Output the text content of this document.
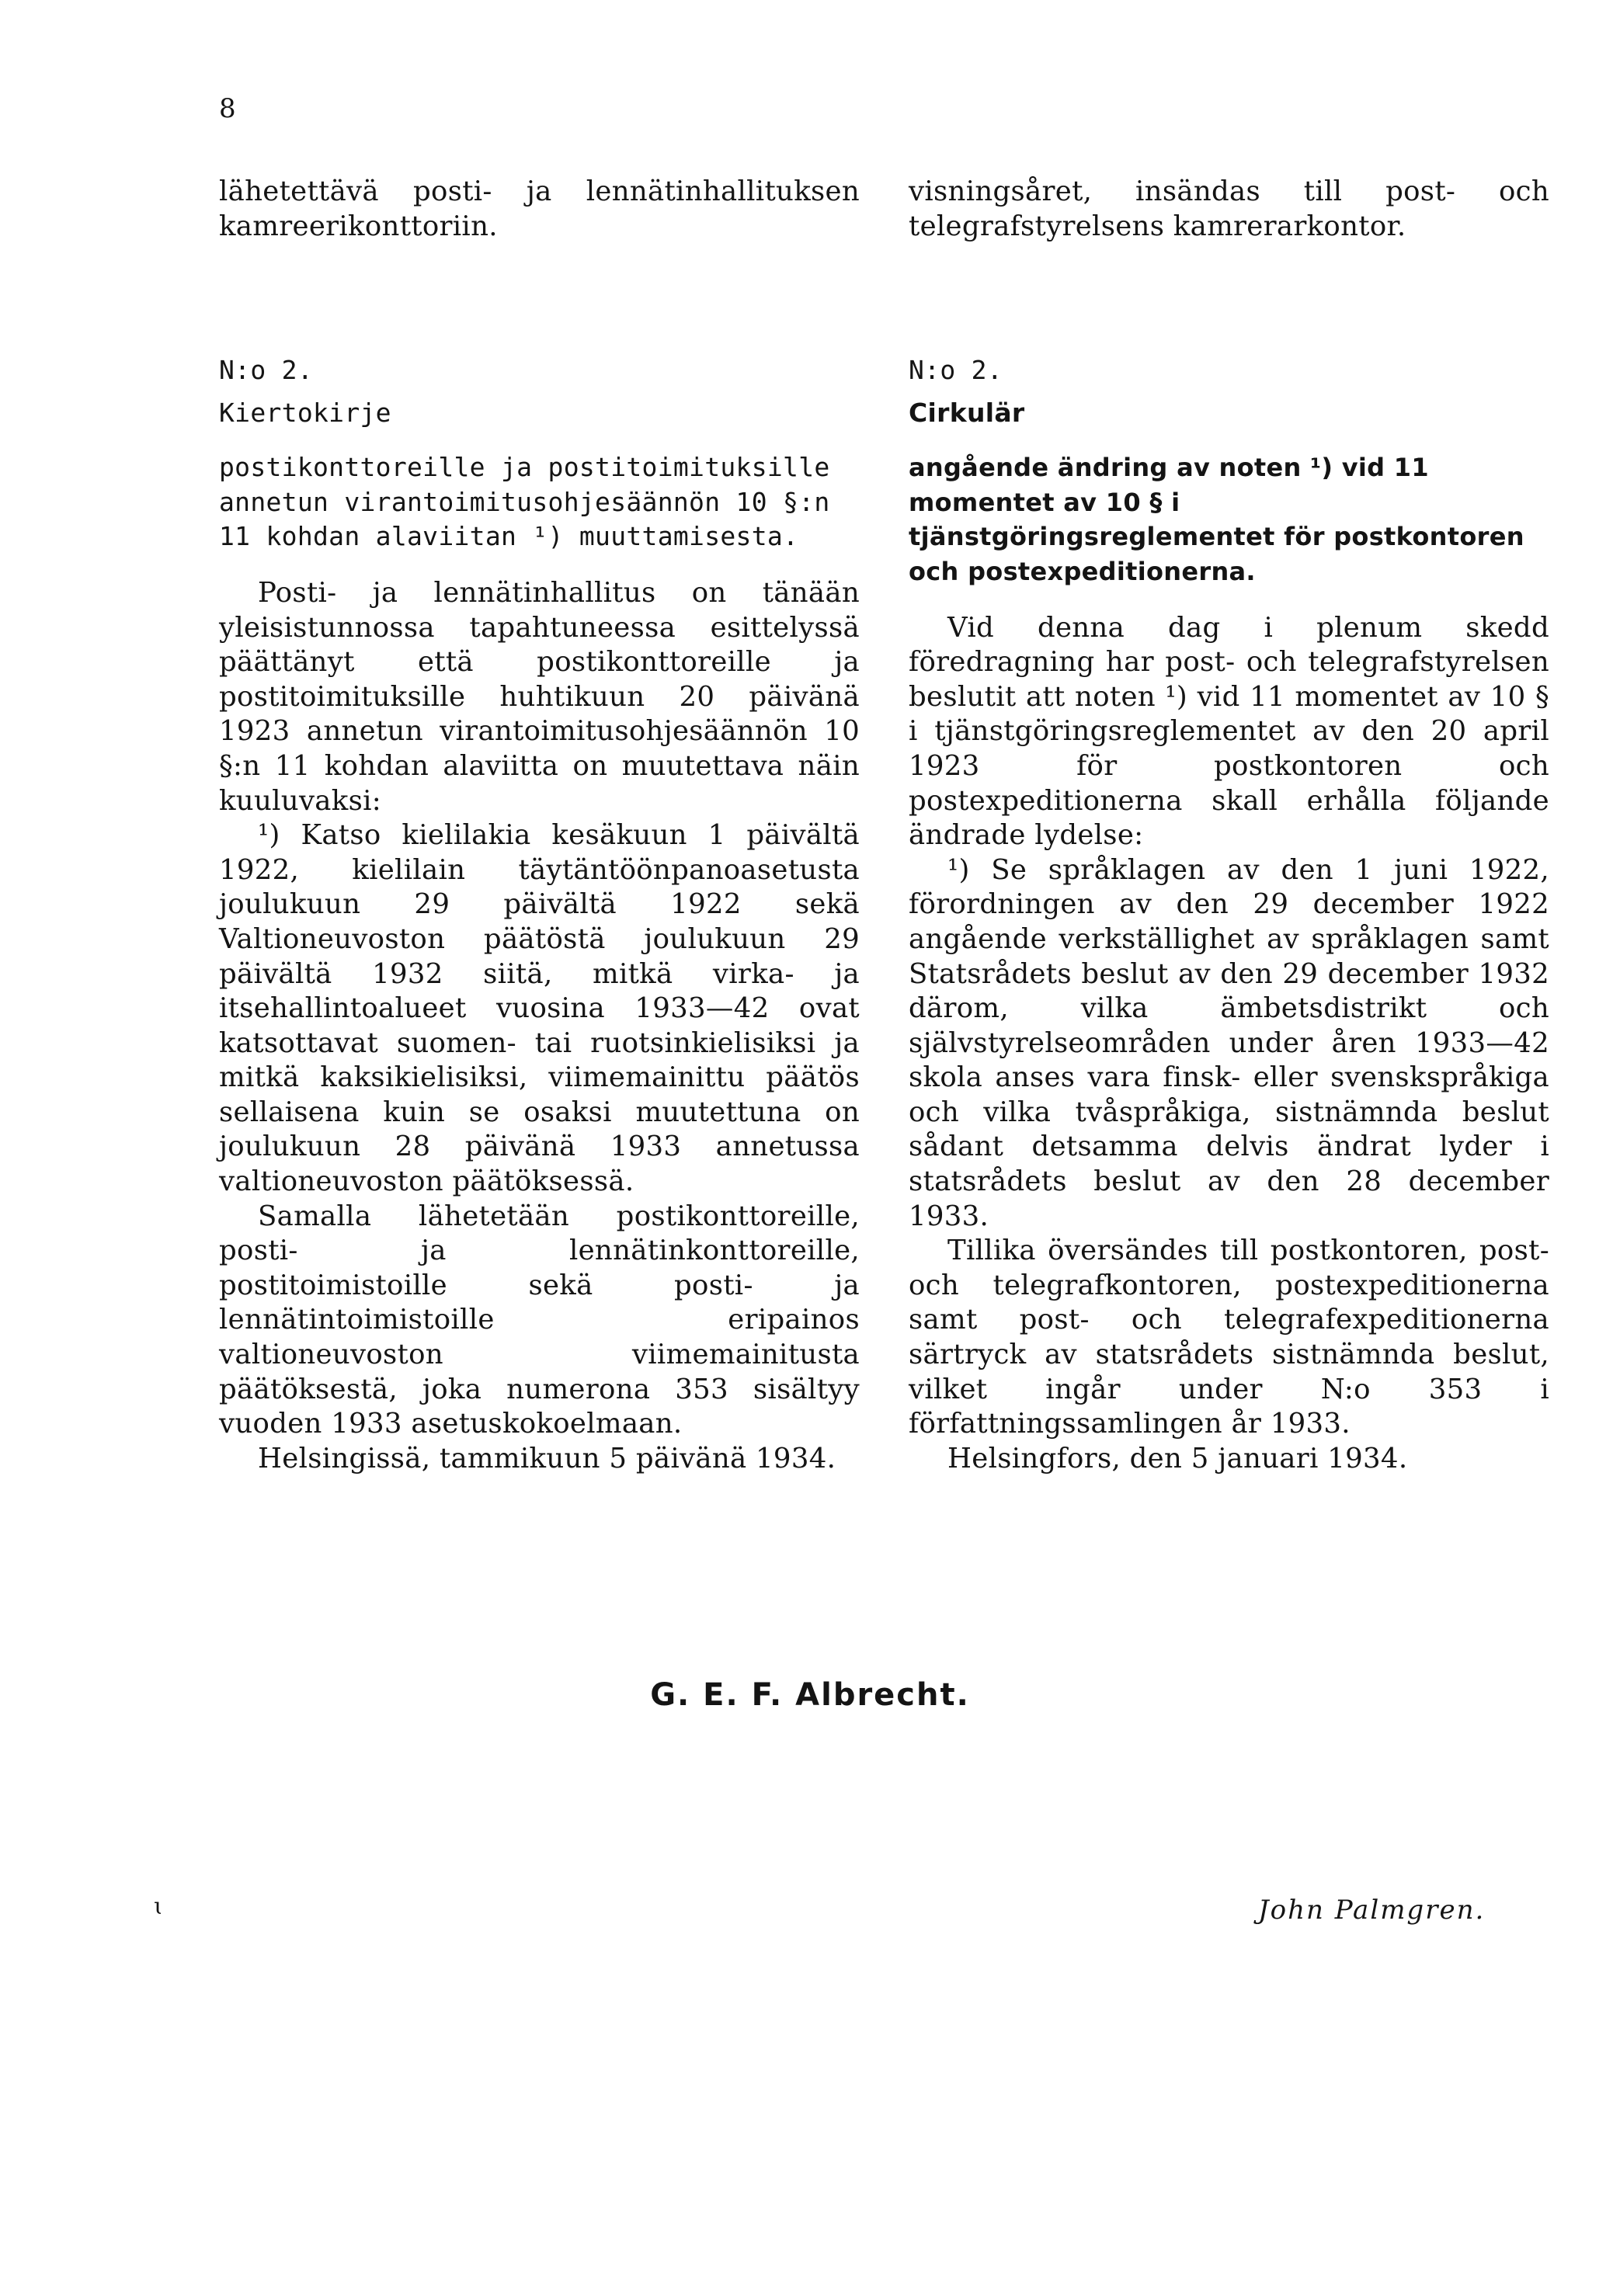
8

lähetettävä posti- ja lennätinhallituksen kamreerikonttoriin.

N:o 2.

Kiertokirje

postikonttoreille ja postitoimituksille annetun virantoimitusohjesäännön 10 §:n 11 kohdan alaviitan ¹) muuttamisesta.

Posti- ja lennätinhallitus on tänään yleisistunnossa tapahtuneessa esittelyssä päättänyt että postikonttoreille ja postitoimituksille huhtikuun 20 päivänä 1923 annetun virantoimitusohjesäännön 10 §:n 11 kohdan alaviitta on muutettava näin kuuluvaksi:

¹) Katso kielilakia kesäkuun 1 päivältä 1922, kielilain täytäntöönpanoasetusta joulukuun 29 päivältä 1922 sekä Valtioneuvoston päätöstä joulukuun 29 päivältä 1932 siitä, mitkä virka- ja itsehallintoalueet vuosina 1933—42 ovat katsottavat suomen- tai ruotsinkielisiksi ja mitkä kaksikielisiksi, viimemainittu päätös sellaisena kuin se osaksi muutettuna on joulukuun 28 päivänä 1933 annetussa valtioneuvoston päätöksessä.

Samalla lähetetään postikonttoreille, posti- ja lennätinkonttoreille, postitoimistoille sekä posti- ja lennätintoimistoille eripainos valtioneuvoston viimemainitusta päätöksestä, joka numerona 353 sisältyy vuoden 1933 asetuskokoelmaan.

Helsingissä, tammikuun 5 päivänä 1934.

visningsåret, insändas till post- och telegrafstyrelsens kamrerarkontor.

N:o 2.

Cirkulär

angående ändring av noten ¹) vid 11 momentet av 10 § i tjänstgöringsreglementet för postkontoren och postexpeditionerna.

Vid denna dag i plenum skedd föredragning har post- och telegrafstyrelsen beslutit att noten ¹) vid 11 momentet av 10 § i tjänstgöringsreglementet av den 20 april 1923 för postkontoren och postexpeditionerna skall erhålla följande ändrade lydelse:

¹) Se språklagen av den 1 juni 1922, förordningen av den 29 december 1922 angående verkställighet av språklagen samt Statsrådets beslut av den 29 december 1932 därom, vilka ämbetsdistrikt och självstyrelseområden under åren 1933—42 skola anses vara finsk- eller svenskspråkiga och vilka tvåspråkiga, sistnämnda beslut sådant detsamma delvis ändrat lyder i statsrådets beslut av den 28 december 1933.

Tillika översändes till postkontoren, post- och telegrafkontoren, postexpeditionerna samt post- och telegrafexpeditionerna särtryck av statsrådets sistnämnda beslut, vilket ingår under N:o 353 i författningssamlingen år 1933.

Helsingfors, den 5 januari 1934.

G. E. F. Albrecht.
ɩ	John Palmgren.
